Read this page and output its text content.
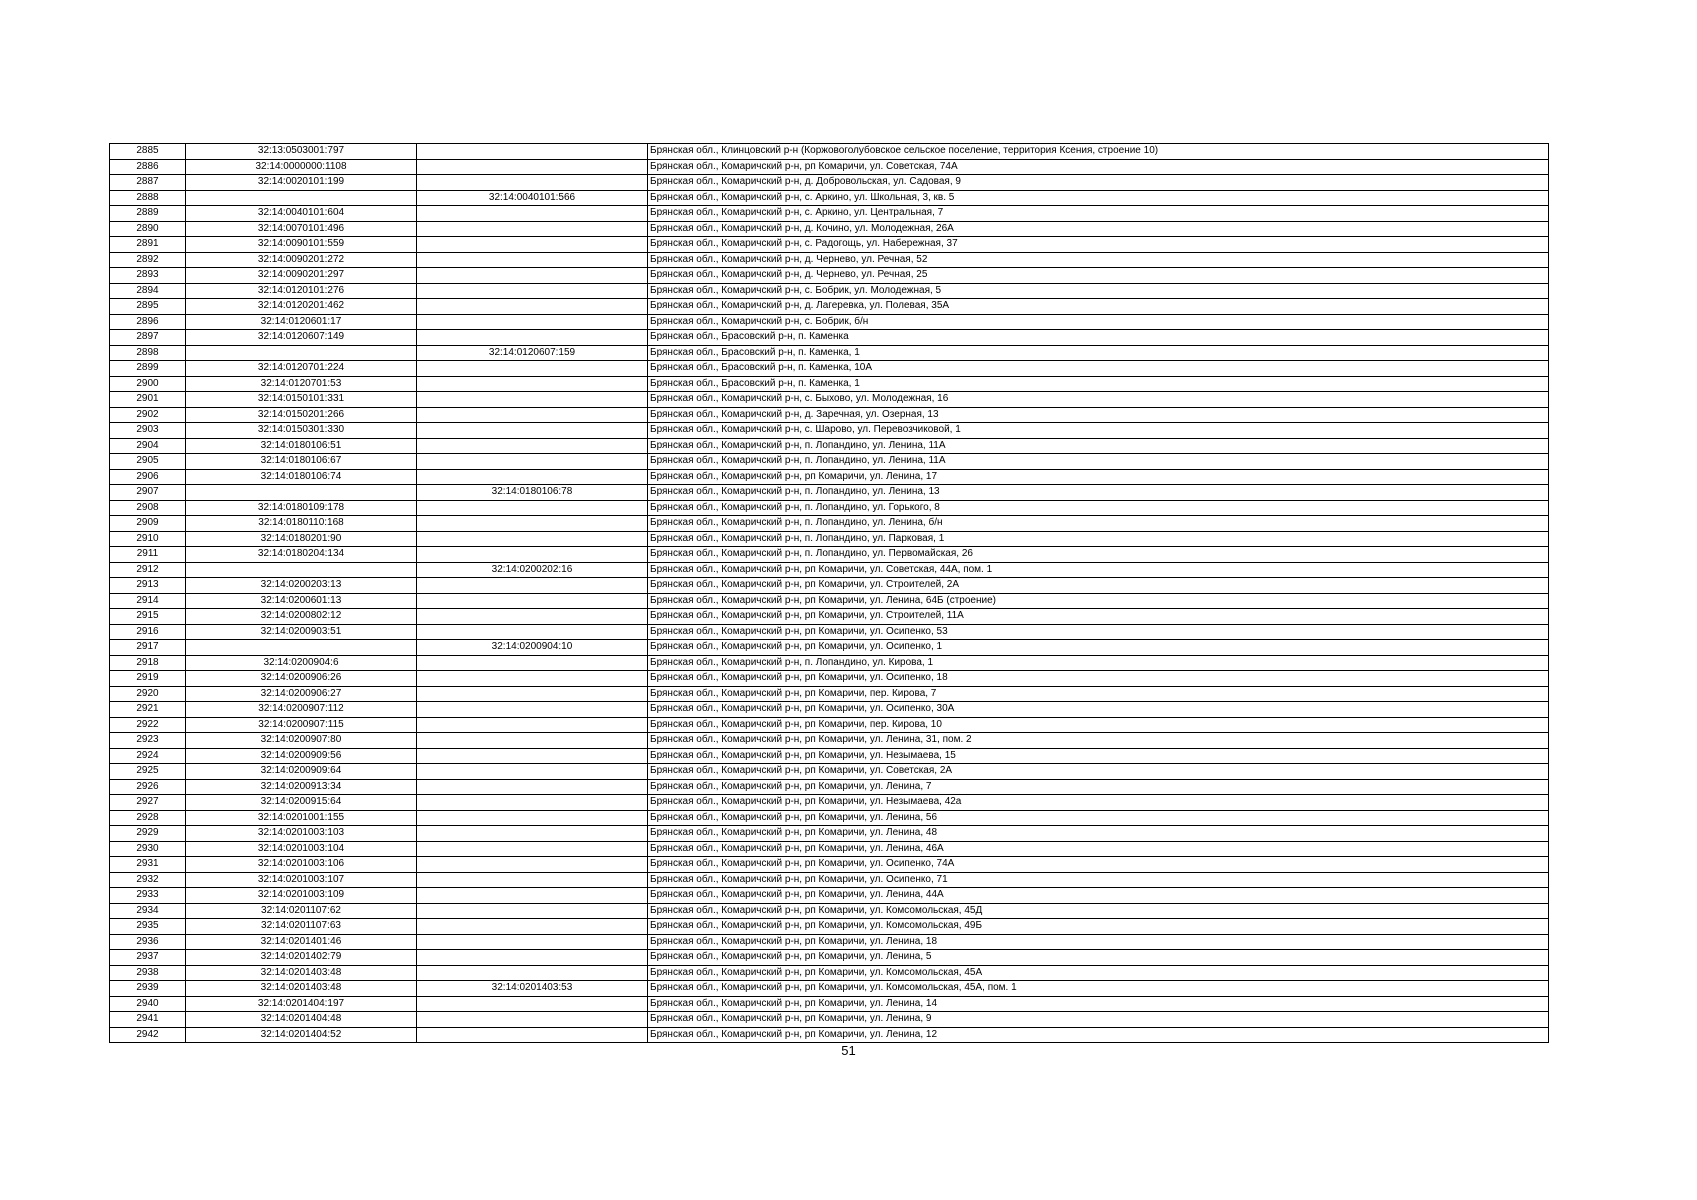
2885	32:13:0503001:797		Брянская обл., Клинцовский р-н (Коржовоголубовское сельское поселение, территория Ксения, строение 10)
2886	32:14:0000000:1108		Брянская обл., Комаричский р-н, рп Комаричи, ул. Советская, 74А
2887	32:14:0020101:199		Брянская обл., Комаричский р-н, д. Добровольская, ул. Садовая, 9
2888		32:14:0040101:566	Брянская обл., Комаричский р-н, с. Аркино, ул. Школьная, 3, кв. 5
2889	32:14:0040101:604		Брянская обл., Комаричский р-н, с. Аркино, ул. Центральная, 7
2890	32:14:0070101:496		Брянская обл., Комаричский р-н, д. Кочино, ул. Молодежная, 26А
2891	32:14:0090101:559		Брянская обл., Комаричский р-н, с. Радогощь, ул. Набережная, 37
2892	32:14:0090201:272		Брянская обл., Комаричский р-н, д. Чернево, ул. Речная, 52
2893	32:14:0090201:297		Брянская обл., Комаричский р-н, д. Чернево, ул. Речная, 25
2894	32:14:0120101:276		Брянская обл., Комаричский р-н, с. Бобрик, ул. Молодежная, 5
2895	32:14:0120201:462		Брянская обл., Комаричский р-н, д. Лагеревка, ул. Полевая, 35А
2896	32:14:0120601:17		Брянская обл., Комаричский р-н, с. Бобрик, б/н
2897	32:14:0120607:149		Брянская обл., Брасовский р-н, п. Каменка
2898		32:14:0120607:159	Брянская обл., Брасовский р-н, п. Каменка, 1
2899	32:14:0120701:224		Брянская обл., Брасовский р-н, п. Каменка, 10А
2900	32:14:0120701:53		Брянская обл., Брасовский р-н, п. Каменка, 1
2901	32:14:0150101:331		Брянская обл., Комаричский р-н, с. Быхово, ул. Молодежная, 16
2902	32:14:0150201:266		Брянская обл., Комаричский р-н, д. Заречная, ул. Озерная, 13
2903	32:14:0150301:330		Брянская обл., Комаричский р-н, с. Шарово, ул. Перевозчиковой, 1
2904	32:14:0180106:51		Брянская обл., Комаричский р-н, п. Лопандино, ул. Ленина, 11А
2905	32:14:0180106:67		Брянская обл., Комаричский р-н, п. Лопандино, ул. Ленина, 11А
2906	32:14:0180106:74		Брянская обл., Комаричский р-н, рп Комаричи, ул. Ленина, 17
2907		32:14:0180106:78	Брянская обл., Комаричский р-н, п. Лопандино, ул. Ленина, 13
2908	32:14:0180109:178		Брянская обл., Комаричский р-н, п. Лопандино, ул. Горького, 8
2909	32:14:0180110:168		Брянская обл., Комаричский р-н, п. Лопандино, ул. Ленина, б/н
2910	32:14:0180201:90		Брянская обл., Комаричский р-н, п. Лопандино, ул. Парковая, 1
2911	32:14:0180204:134		Брянская обл., Комаричский р-н, п. Лопандино, ул. Первомайская, 26
2912		32:14:0200202:16	Брянская обл., Комаричский р-н, рп Комаричи, ул. Советская, 44А, пом. 1
2913	32:14:0200203:13		Брянская обл., Комаричский р-н, рп Комаричи, ул. Строителей, 2А
2914	32:14:0200601:13		Брянская обл., Комаричский р-н, рп Комаричи, ул. Ленина, 64Б (строение)
2915	32:14:0200802:12		Брянская обл., Комаричский р-н, рп Комаричи, ул. Строителей, 11А
2916	32:14:0200903:51		Брянская обл., Комаричский р-н, рп Комаричи, ул. Осипенко, 53
2917		32:14:0200904:10	Брянская обл., Комаричский р-н, рп Комаричи, ул. Осипенко, 1
2918	32:14:0200904:6		Брянская обл., Комаричский р-н, п. Лопандино, ул. Кирова, 1
2919	32:14:0200906:26		Брянская обл., Комаричский р-н, рп Комаричи, ул. Осипенко, 18
2920	32:14:0200906:27		Брянская обл., Комаричский р-н, рп Комаричи, пер. Кирова, 7
2921	32:14:0200907:112		Брянская обл., Комаричский р-н, рп Комаричи, ул. Осипенко, 30А
2922	32:14:0200907:115		Брянская обл., Комаричский р-н, рп Комаричи, пер. Кирова, 10
2923	32:14:0200907:80		Брянская обл., Комаричский р-н, рп Комаричи, ул. Ленина, 31, пом. 2
2924	32:14:0200909:56		Брянская обл., Комаричский р-н, рп Комаричи, ул. Незымаева, 15
2925	32:14:0200909:64		Брянская обл., Комаричский р-н, рп Комаричи, ул. Советская, 2А
2926	32:14:0200913:34		Брянская обл., Комаричский р-н, рп Комаричи, ул. Ленина, 7
2927	32:14:0200915:64		Брянская обл., Комаричский р-н, рп Комаричи, ул. Незымаева, 42а
2928	32:14:0201001:155		Брянская обл., Комаричский р-н, рп Комаричи, ул. Ленина, 56
2929	32:14:0201003:103		Брянская обл., Комаричский р-н, рп Комаричи, ул. Ленина, 48
2930	32:14:0201003:104		Брянская обл., Комаричский р-н, рп Комаричи, ул. Ленина, 46А
2931	32:14:0201003:106		Брянская обл., Комаричский р-н, рп Комаричи, ул. Осипенко, 74А
2932	32:14:0201003:107		Брянская обл., Комаричский р-н, рп Комаричи, ул. Осипенко, 71
2933	32:14:0201003:109		Брянская обл., Комаричский р-н, рп Комаричи, ул. Ленина, 44А
2934	32:14:0201107:62		Брянская обл., Комаричский р-н, рп Комаричи, ул. Комсомольская, 45Д
2935	32:14:0201107:63		Брянская обл., Комаричский р-н, рп Комаричи, ул. Комсомольская, 49Б
2936	32:14:0201401:46		Брянская обл., Комаричский р-н, рп Комаричи, ул. Ленина, 18
2937	32:14:0201402:79		Брянская обл., Комаричский р-н, рп Комаричи, ул. Ленина, 5
2938	32:14:0201403:48		Брянская обл., Комаричский р-н, рп Комаричи, ул. Комсомольская, 45А
2939	32:14:0201403:48	32:14:0201403:53	Брянская обл., Комаричский р-н, рп Комаричи, ул. Комсомольская, 45А, пом. 1
2940	32:14:0201404:197		Брянская обл., Комаричский р-н, рп Комаричи, ул. Ленина, 14
2941	32:14:0201404:48		Брянская обл., Комаричский р-н, рп Комаричи, ул. Ленина, 9
2942	32:14:0201404:52		Брянская обл., Комаричский р-н, рп Комаричи, ул. Ленина, 12
51
